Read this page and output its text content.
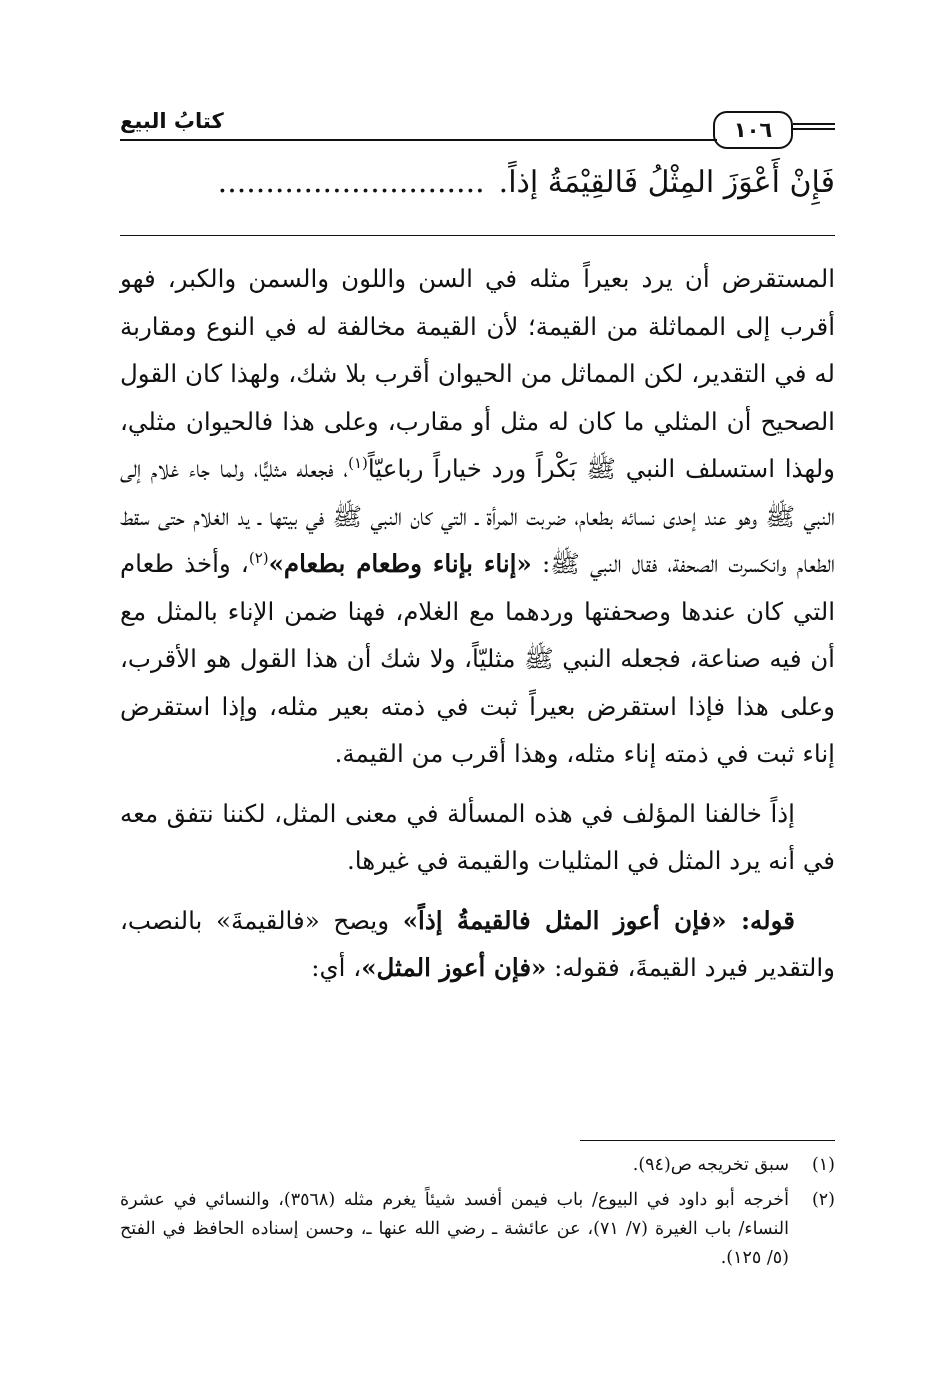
١٠٦
كتابُ البيع
فَإِنْ أَعْوَزَ المِثْلُ فَالقِيْمَةُ إذاً.............................

المستقرض أن يرد بعيراً مثله في السن واللون والسمن والكبر، فهو أقرب إلى المماثلة من القيمة؛ لأن القيمة مخالفة له في النوع ومقاربة له في التقدير، لكن المماثل من الحيوان أقرب بلا شك، ولهذا كان القول الصحيح أن المثلي ما كان له مثل أو مقارب، وعلى هذا فالحيوان مثلي، ولهذا استسلف النبي ﷺ بَكْراً ورد خياراً رباعيّاً$^{(١)}$، فجعله مثليًّا، ولما جاء غلام إلى النبي ﷺ وهو عند إحدى نسائه بطعام، ضربت المرأة ـ التي كان النبي ﷺ في بيتها ـ يد الغلام حتى سقط الطعام وانكسرت الصحفة، فقال النبي ﷺ: «إناء بإناء وطعام بطعام»$^{(٢)}$، وأخذ طعام التي كان عندها وصحفتها وردهما مع الغلام، فهنا ضمن الإناء بالمثل مع أن فيه صناعة، فجعله النبي ﷺ مثليّاً، ولا شك أن هذا القول هو الأقرب، وعلى هذا فإذا استقرض بعيراً ثبت في ذمته بعير مثله، وإذا استقرض إناء ثبت في ذمته إناء مثله، وهذا أقرب من القيمة.

إذاً خالفنا المؤلف في هذه المسألة في معنى المثل، لكننا نتفق معه في أنه يرد المثل في المثليات والقيمة في غيرها.

قوله: «فإن أعوز المثل فالقيمةُ إذاً» ويصح «فالقيمةَ» بالنصب، والتقدير فيرد القيمةَ، فقوله: «فإن أعوز المثل»، أي:

(١)
سبق تخريجه ص(٩٤).
(٢)
أخرجه أبو داود في البيوع/ باب فيمن أفسد شيئاً يغرم مثله (٣٥٦٨)، والنسائي في عشرة النساء/ باب الغيرة (٧/ ٧١)، عن عائشة ـ رضي الله عنها ـ، وحسن إسناده الحافظ في الفتح (٥/ ١٢٥).
